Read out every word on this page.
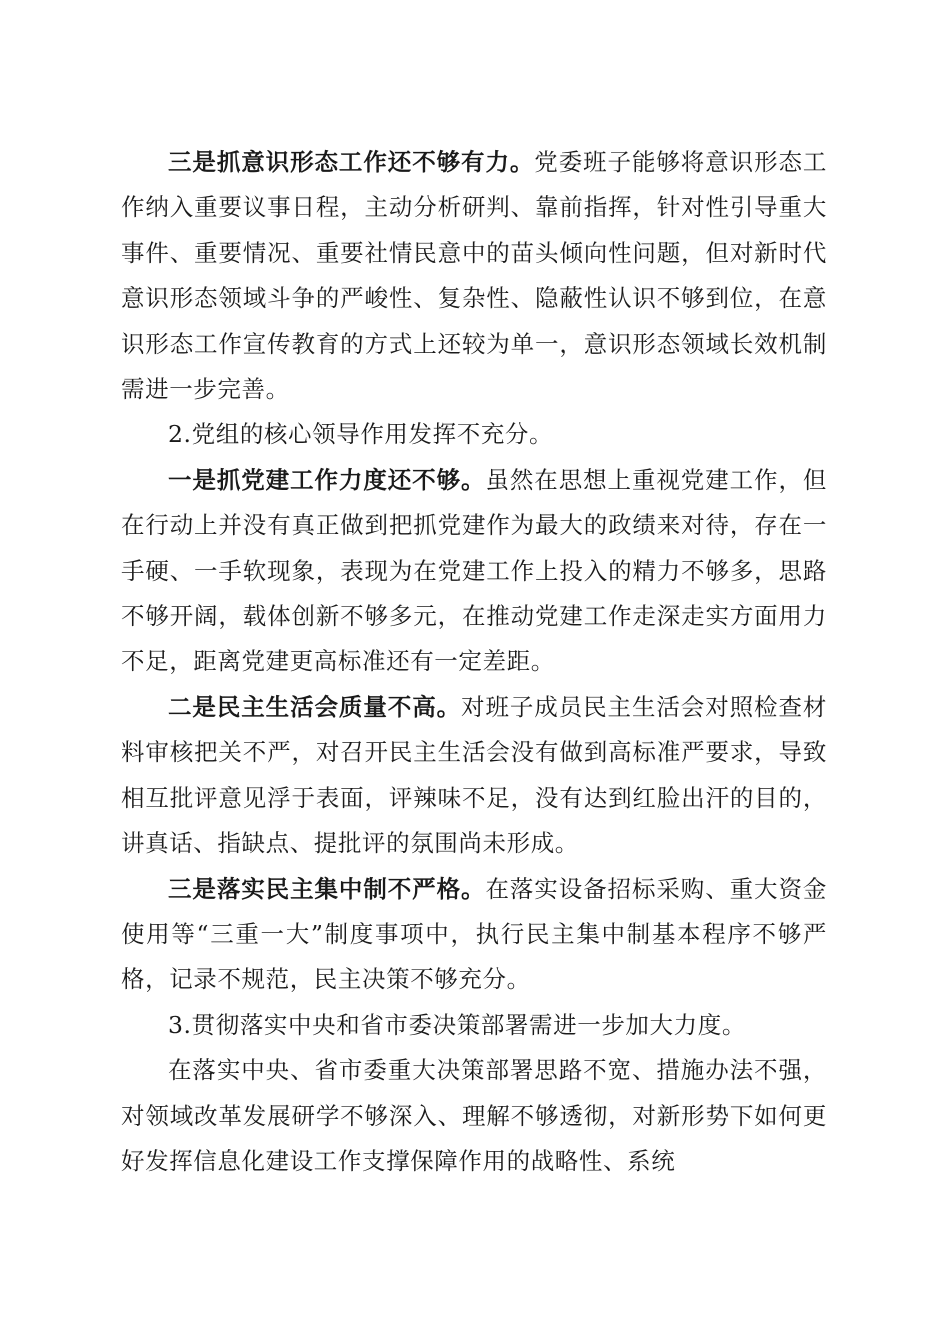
三是抓意识形态工作还不够有力。党委班子能够将意识形态工作纳入重要议事日程，主动分析研判、靠前指挥，针对性引导重大事件、重要情况、重要社情民意中的苗头倾向性问题，但对新时代意识形态领域斗争的严峻性、复杂性、隐蔽性认识不够到位，在意识形态工作宣传教育的方式上还较为单一，意识形态领域长效机制需进一步完善。

2.党组的核心领导作用发挥不充分。

一是抓党建工作力度还不够。虽然在思想上重视党建工作，但在行动上并没有真正做到把抓党建作为最大的政绩来对待，存在一手硬、一手软现象，表现为在党建工作上投入的精力不够多，思路不够开阔，载体创新不够多元，在推动党建工作走深走实方面用力不足，距离党建更高标准还有一定差距。

二是民主生活会质量不高。对班子成员民主生活会对照检查材料审核把关不严，对召开民主生活会没有做到高标准严要求，导致相互批评意见浮于表面，评辣味不足，没有达到红脸出汗的目的，讲真话、指缺点、提批评的氛围尚未形成。

三是落实民主集中制不严格。在落实设备招标采购、重大资金使用等“三重一大”制度事项中，执行民主集中制基本程序不够严格，记录不规范，民主决策不够充分。

3.贯彻落实中央和省市委决策部署需进一步加大力度。

在落实中央、省市委重大决策部署思路不宽、措施办法不强，对领域改革发展研学不够深入、理解不够透彻，对新形势下如何更好发挥信息化建设工作支撑保障作用的战略性、系统
